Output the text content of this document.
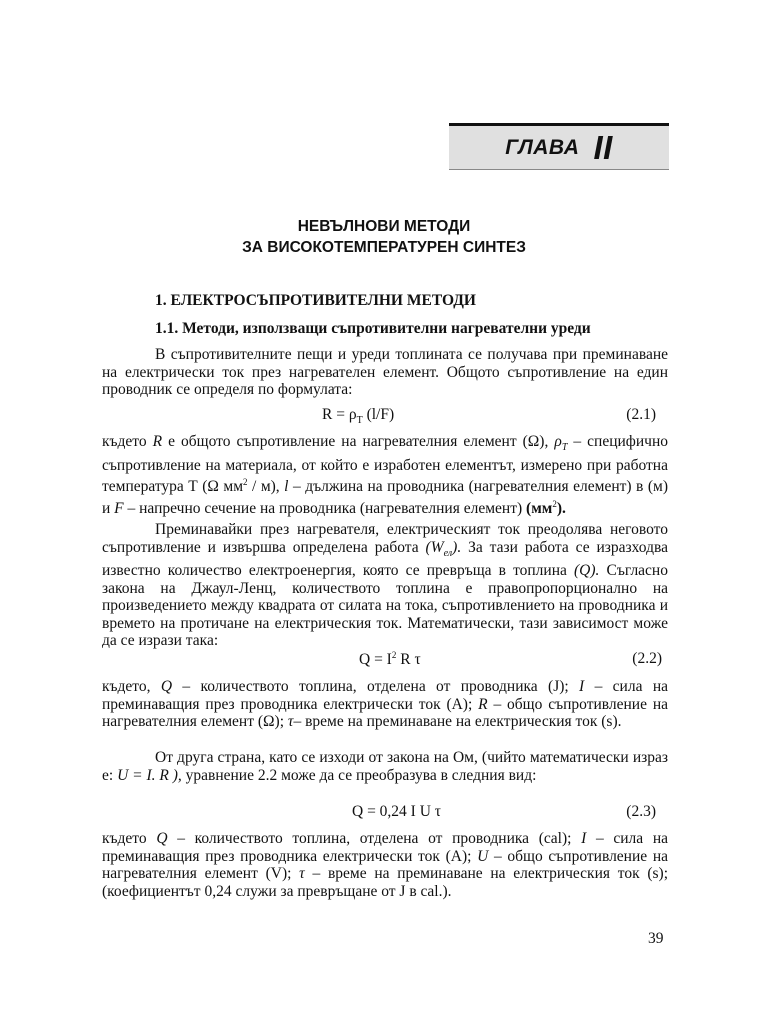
ГЛАВА II
НЕВЪЛНОВИ МЕТОДИ
ЗА ВИСОКОТЕМПЕРАТУРЕН СИНТЕЗ
1. ЕЛЕКТРОСЪПРОТИВИТЕЛНИ МЕТОДИ
1.1. Методи, използващи съпротивителни нагревателни уреди

В съпротивителните пещи и уреди топлината се получава при преминаване на електрически ток през нагревателен елемент. Общото съпротивление на един проводник се определя по формулата:

$R = \rho_T$ (l/F)	(2.1)

където R е общото съпротивление на нагревателния елемент (Ω), $\rho_T$ – специфично съпротивление на материала, от който е изработен елементът, измерено при работна температура Т (Ω $мм^2 / м$), l – дължина на проводника (нагревателния елемент) в (м) и F – напречно сечение на проводника (нагревателния елемент) $(мм^2)$.

Преминавайки през нагревателя, електрическият ток преодолява неговото съпротивление и извършва определена работа $(W_{ел})$. За тази работа се изразходва известно количество електроенергия, която се превръща в топлина (Q). Съгласно закона на Джаул-Ленц, количеството топлина е правопропорционално на произведението между квадрата от силата на тока, съпротивлението на проводника и времето на протичане на електрическия ток. Математически, тази зависимост може да се изрази така:

$Q = I^2$ R τ	(2.2)

където, Q – количеството топлина, отделена от проводника (J); I – сила на преминаващия през проводника електрически ток (А); R – общо съпротивление на нагревателния елемент (Ω); τ– време на преминаване на електрическия ток (s).

От друга страна, като се изходи от закона на Ом, (чийто математически израз е: U = I. R ), уравнение 2.2 може да се преобразува в следния вид:

Q = 0,24 I U τ	(2.3)

където Q – количеството топлина, отделена от проводника (cal); I – сила на преминаващия през проводника електрически ток (А); U – общо съпротивление на нагревателния елемент (V); τ – време на преминаване на електрическия ток (s); (коефициентът 0,24 служи за превръщане от J в cal.).

39
